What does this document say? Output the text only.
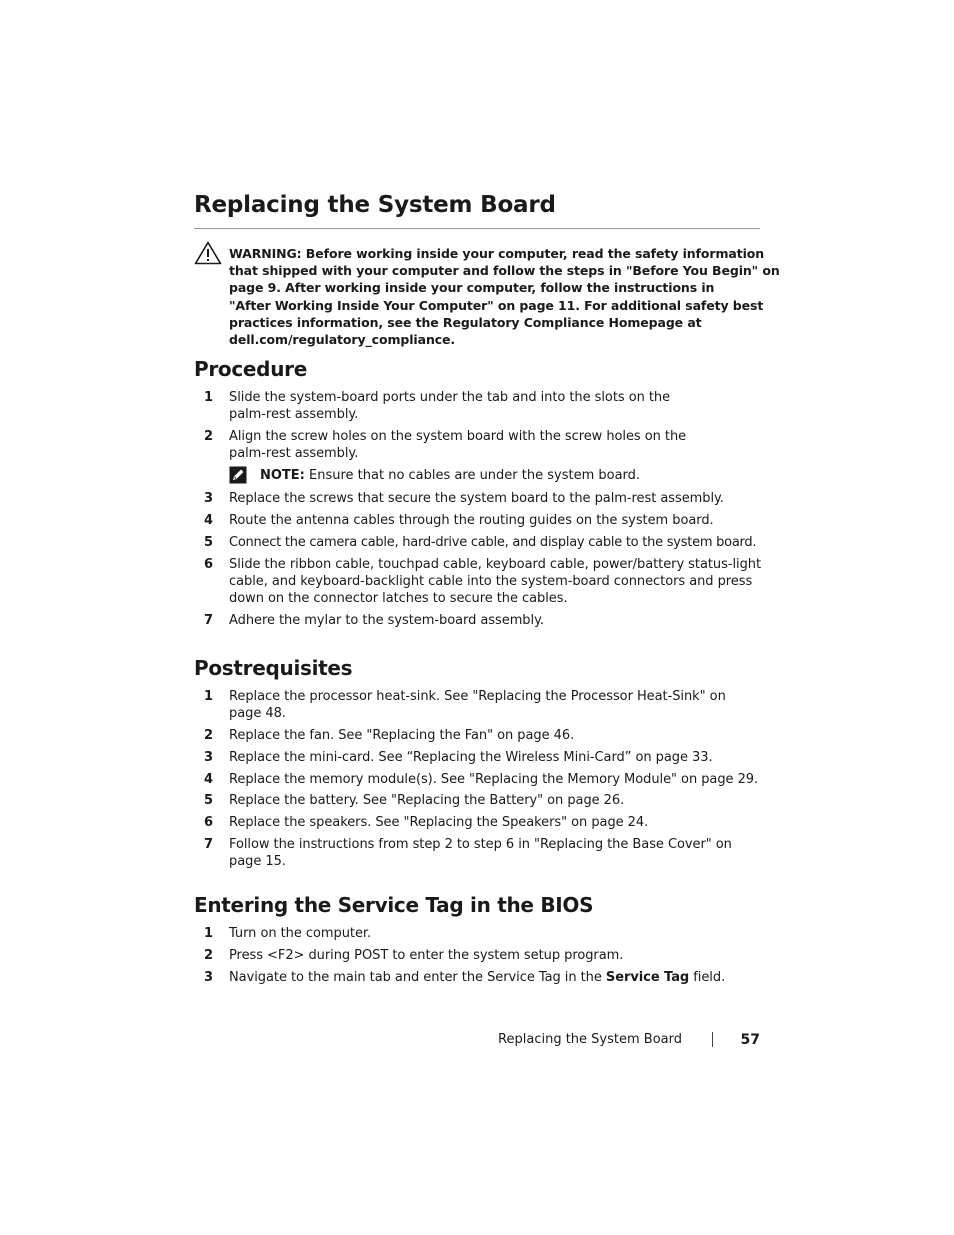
Replacing the System Board
WARNING: Before working inside your computer, read the safety information
that shipped with your computer and follow the steps in "Before You Begin" on
page 9. After working inside your computer, follow the instructions in
"After Working Inside Your Computer" on page 11. For additional safety best
practices information, see the Regulatory Compliance Homepage at
dell.com/regulatory_compliance.
Procedure
1 Slide the system-board ports under the tab and into the slots on the
palm-rest assembly.
2 Align the screw holes on the system board with the screw holes on the
palm-rest assembly.
NOTE: Ensure that no cables are under the system board.
3 Replace the screws that secure the system board to the palm-rest assembly.
4 Route the antenna cables through the routing guides on the system board.
5 Connect the camera cable, hard-drive cable, and display cable to the system board.
6 Slide the ribbon cable, touchpad cable, keyboard cable, power/battery status-light
cable, and keyboard-backlight cable into the system-board connectors and press
down on the connector latches to secure the cables.
7 Adhere the mylar to the system-board assembly.
Postrequisites
1 Replace the processor heat-sink. See "Replacing the Processor Heat-Sink" on
page 48.
2 Replace the fan. See "Replacing the Fan" on page 46.
3 Replace the mini-card. See “Replacing the Wireless Mini-Card” on page 33.
4 Replace the memory module(s). See "Replacing the Memory Module" on page 29.
5 Replace the battery. See "Replacing the Battery" on page 26.
6 Replace the speakers. See "Replacing the Speakers" on page 24.
7 Follow the instructions from step 2 to step 6 in "Replacing the Base Cover" on
page 15.
Entering the Service Tag in the BIOS
1 Turn on the computer.
2 Press <F2> during POST to enter the system setup program.
3 Navigate to the main tab and enter the Service Tag in the Service Tag field.
Replacing the System Board	57
